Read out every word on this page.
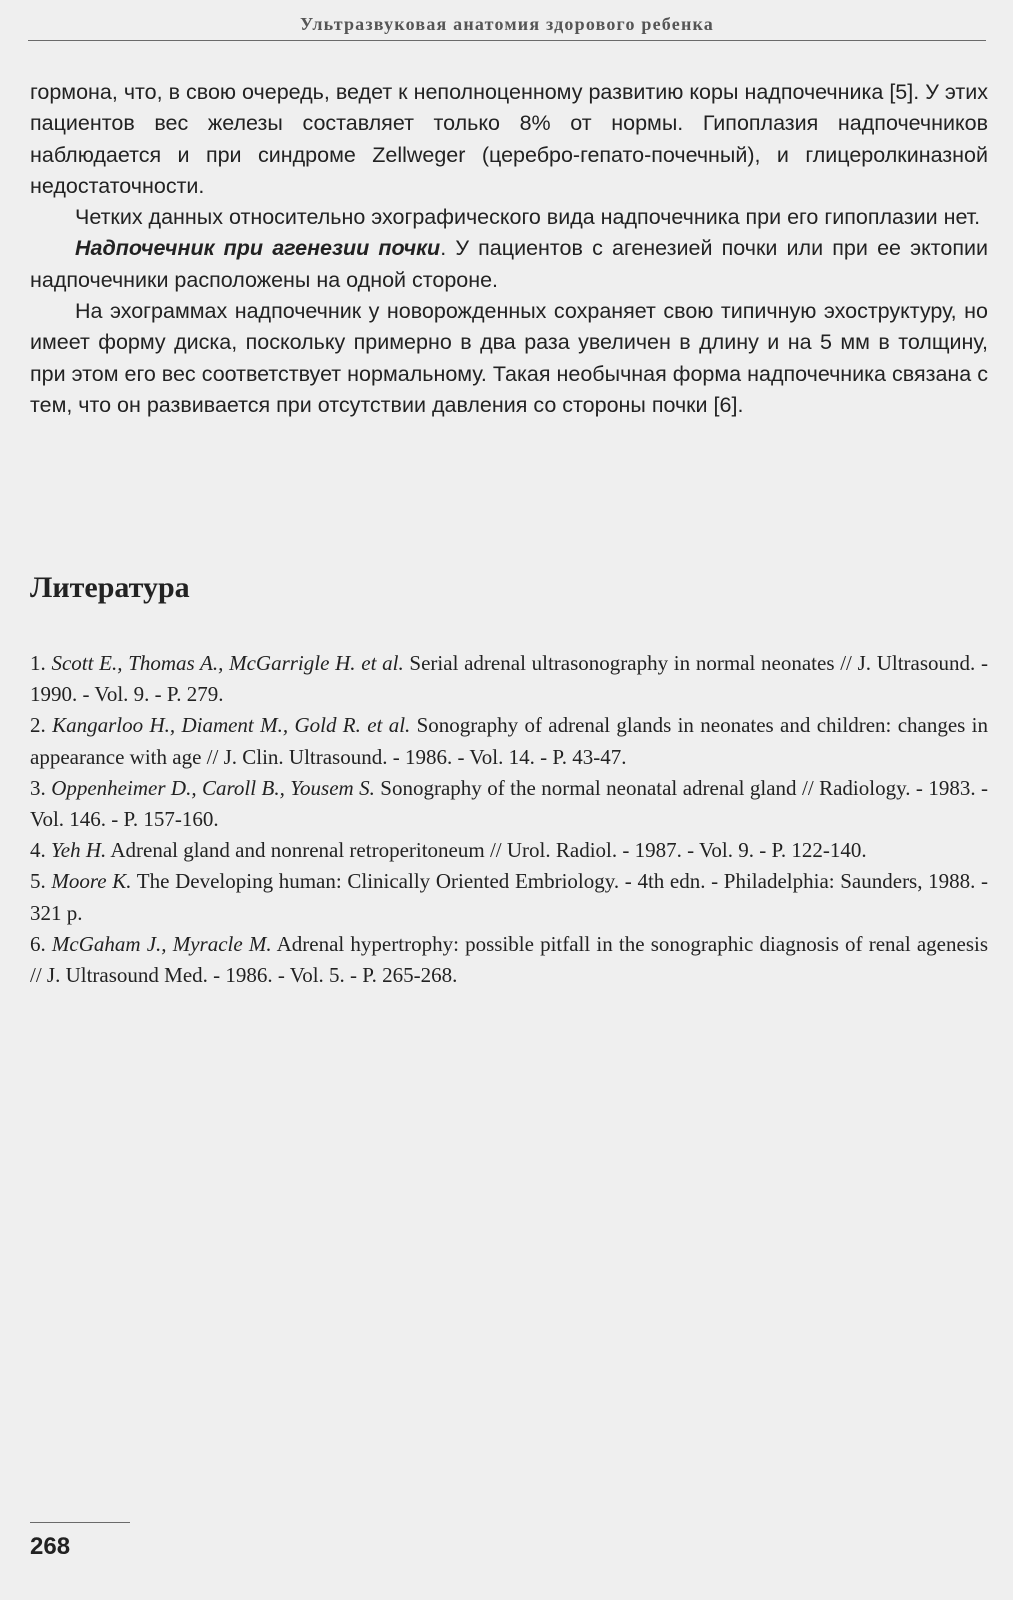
Ультразвуковая анатомия здорового ребенка

гормона, что, в свою очередь, ведет к неполноценному развитию коры надпочечника [5]. У этих пациентов вес железы составляет только 8% от нормы. Гипоплазия надпочечников наблюдается и при синдроме Zellweger (церебро-гепато-почечный), и глицеролкиназной недостаточности.

Четких данных относительно эхографического вида надпочечника при его гипоплазии нет.

Надпочечник при агенезии почки. У пациентов с агенезией почки или при ее эктопии надпочечники расположены на одной стороне.

На эхограммах надпочечник у новорожденных сохраняет свою типичную эхоструктуру, но имеет форму диска, поскольку примерно в два раза увеличен в длину и на 5 мм в толщину, при этом его вес соответствует нормальному. Такая необычная форма надпочечника связана с тем, что он развивается при отсутствии давления со стороны почки [6].

Литература
1. Scott E., Thomas A., McGarrigle H. et al. Serial adrenal ultrasonography in normal neonates // J. Ultrasound. - 1990. - Vol. 9. - P. 279.
2. Kangarloo H., Diament M., Gold R. et al. Sonography of adrenal glands in neonates and children: changes in appearance with age // J. Clin. Ultrasound. - 1986. - Vol. 14. - P. 43-47.
3. Oppenheimer D., Caroll B., Yousem S. Sonography of the normal neonatal adrenal gland // Radiology. - 1983. - Vol. 146. - P. 157-160.
4. Yeh H. Adrenal gland and nonrenal retroperitoneum // Urol. Radiol. - 1987. - Vol. 9. - P. 122-140.
5. Moore K. The Developing human: Clinically Oriented Embriology. - 4th edn. - Philadelphia: Saunders, 1988. - 321 p.
6. McGaham J., Myracle M. Adrenal hypertrophy: possible pitfall in the sonographic diagnosis of renal agenesis // J. Ultrasound Med. - 1986. - Vol. 5. - P. 265-268.
268
